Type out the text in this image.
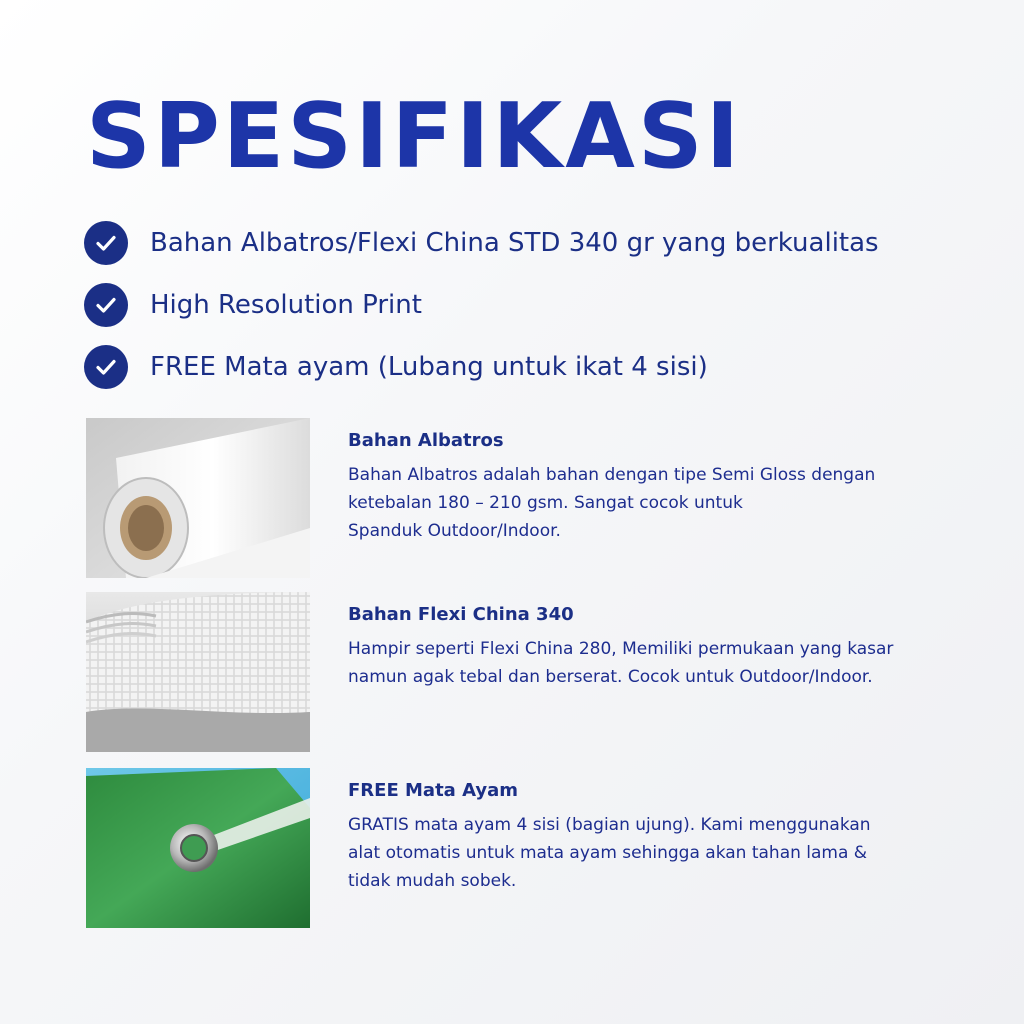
SPESIFIKASI
Bahan Albatros/Flexi China STD 340 gr yang berkualitas
High Resolution Print
FREE Mata ayam (Lubang untuk ikat 4 sisi)
Bahan Albatros
Bahan Albatros adalah bahan dengan tipe Semi Gloss dengan
ketebalan 180 – 210 gsm. Sangat cocok untuk
Spanduk Outdoor/Indoor.
Bahan Flexi China 340
Hampir seperti Flexi China 280, Memiliki permukaan yang kasar
namun agak tebal dan berserat. Cocok untuk Outdoor/Indoor.
FREE Mata Ayam
GRATIS mata ayam 4 sisi (bagian ujung). Kami menggunakan
alat otomatis untuk mata ayam sehingga akan tahan lama &
tidak mudah sobek.
